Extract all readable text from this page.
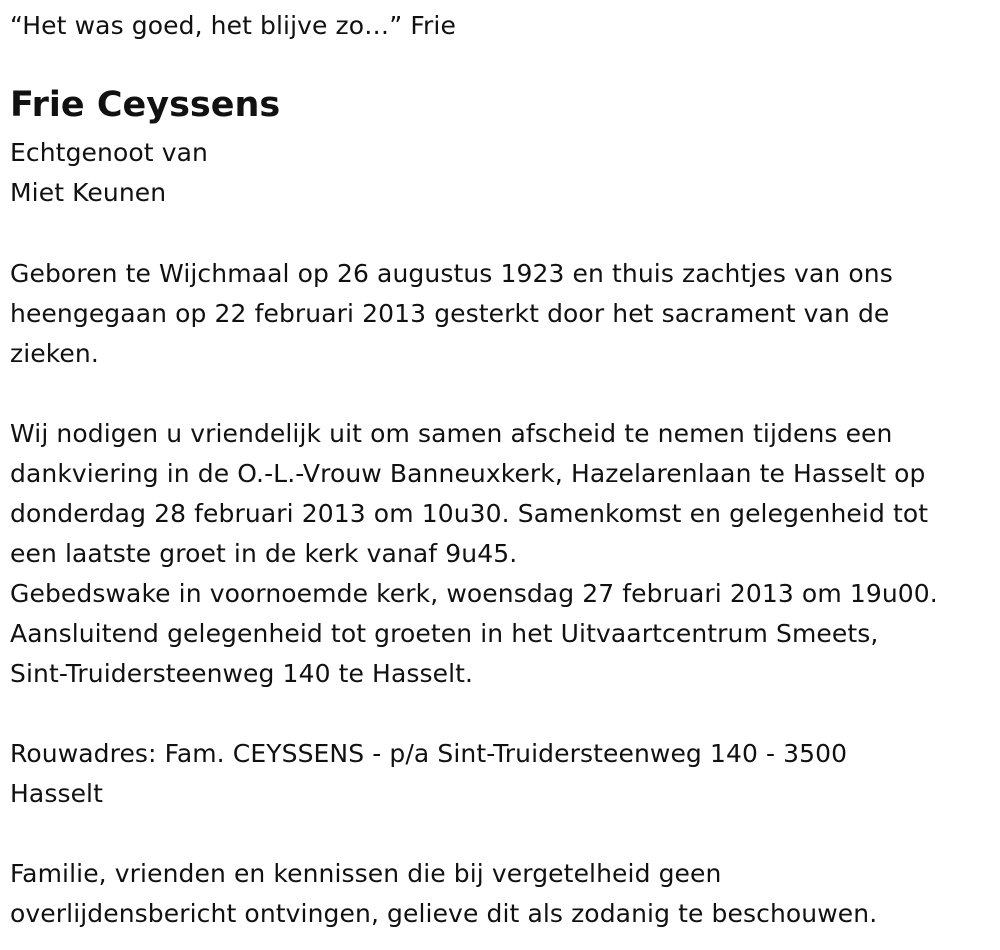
“Het was goed, het blijve zo…” Frie
Frie Ceyssens
Echtgenoot van
Miet Keunen
Geboren te Wijchmaal op 26 augustus 1923 en thuis zachtjes van ons
heengegaan op 22 februari 2013 gesterkt door het sacrament van de
zieken.
Wij nodigen u vriendelijk uit om samen afscheid te nemen tijdens een
dankviering in de O.-L.-Vrouw Banneuxkerk, Hazelarenlaan te Hasselt op
donderdag 28 februari 2013 om 10u30. Samenkomst en gelegenheid tot
een laatste groet in de kerk vanaf 9u45.
Gebedswake in voornoemde kerk, woensdag 27 februari 2013 om 19u00.
Aansluitend gelegenheid tot groeten in het Uitvaartcentrum Smeets,
Sint-Truidersteenweg 140 te Hasselt.
Rouwadres: Fam. CEYSSENS - p/a Sint-Truidersteenweg 140 - 3500
Hasselt
Familie, vrienden en kennissen die bij vergetelheid geen
overlijdensbericht ontvingen, gelieve dit als zodanig te beschouwen.
